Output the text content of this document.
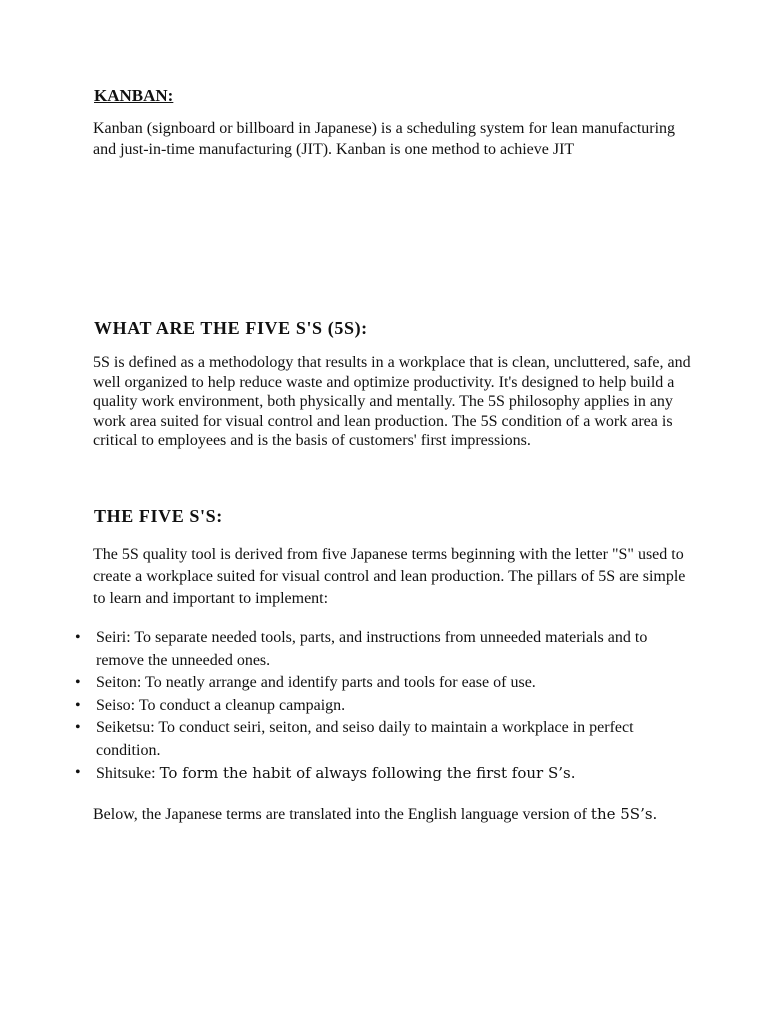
KANBAN:

Kanban (signboard or billboard in Japanese) is a scheduling system for lean manufacturing and just-in-time manufacturing (JIT). Kanban is one method to achieve JIT

WHAT ARE THE FIVE S'S (5S):

5S is defined as a methodology that results in a workplace that is clean, uncluttered, safe, and well organized to help reduce waste and optimize productivity. It's designed to help build a quality work environment, both physically and mentally. The 5S philosophy applies in any work area suited for visual control and lean production. The 5S condition of a work area is critical to employees and is the basis of customers' first impressions.

THE FIVE S'S:

The 5S quality tool is derived from five Japanese terms beginning with the letter "S" used to create a workplace suited for visual control and lean production. The pillars of 5S are simple to learn and important to implement:

• Seiri: To separate needed tools, parts, and instructions from unneeded materials and to remove the unneeded ones.
• Seiton: To neatly arrange and identify parts and tools for ease of use.
• Seiso: To conduct a cleanup campaign.
• Seiketsu: To conduct seiri, seiton, and seiso daily to maintain a workplace in perfect condition.
• Shitsuke: To form the habit of always following the first four S’s.

Below, the Japanese terms are translated into the English language version of the 5S’s.
